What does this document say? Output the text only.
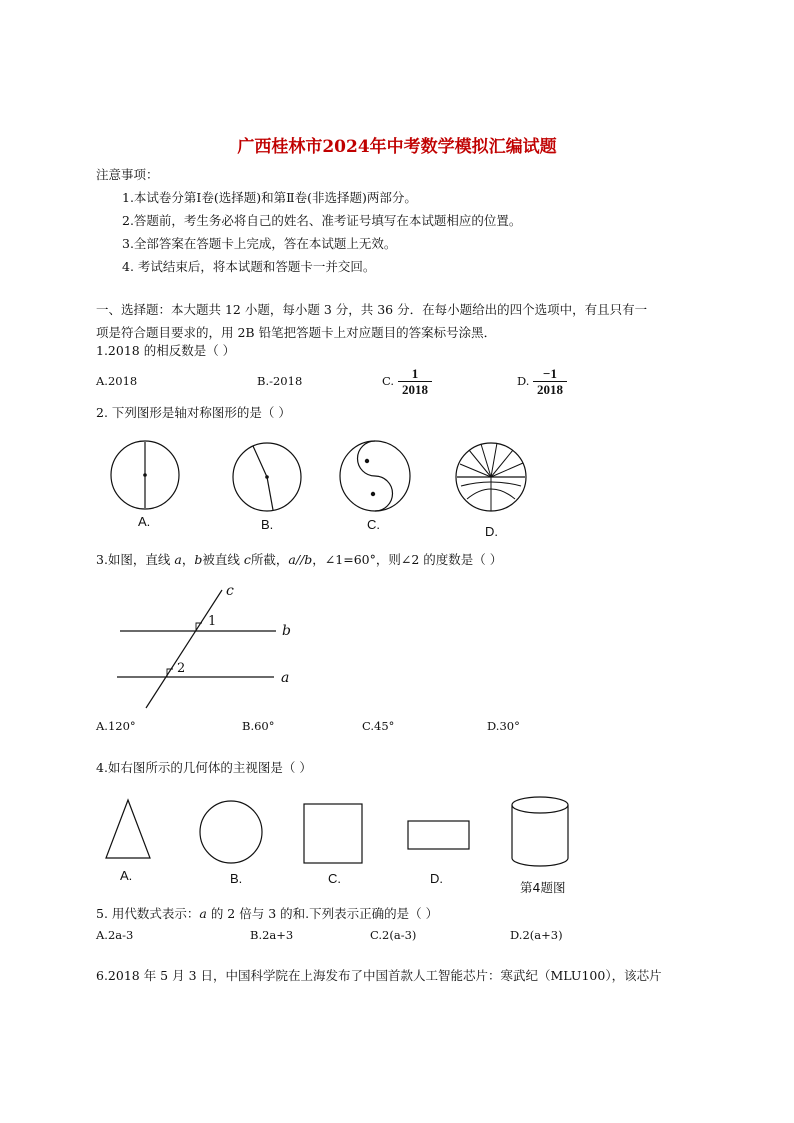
广西桂林市2024年中考数学模拟汇编试题
注意事项：
1.本试卷分第Ⅰ卷(选择题)和第Ⅱ卷(非选择题)两部分。
2.答题前，考生务必将自己的姓名、准考证号填写在本试题相应的位置。
3.全部答案在答题卡上完成，答在本试题上无效。
4. 考试结束后，将本试题和答题卡一并交回。
一、选择题：本大题共 12 小题，每小题 3 分，共 36 分．在每小题给出的四个选项中，有且只有一
项是符合题目要求的，用 2B 铅笔把答题卡上对应题目的答案标号涂黑．
1.2018 的相反数是（ ）
A.2018	B.-2018	C. $\frac{1}{2018}$	D. $\frac{-1}{2018}$
2. 下列图形是轴对称图形的是（ ）
A.	B.	C.	D.
3.如图，直线 a，b被直线 c所截，a//b，∠1=60°，则∠2 的度数是（ ）
c
1
b
2
a
A.120°	B.60°	C.45°	D.30°
4.如右图所示的几何体的主视图是（ ）
A.	B.	C.	D.
第4题图
5. 用代数式表示：a 的 2 倍与 3 的和.下列表示正确的是（ ）
A.2a-3	B.2a+3	C.2(a-3)	D.2(a+3)
6.2018 年 5 月 3 日，中国科学院在上海发布了中国首款人工智能芯片：寒武纪（MLU100），该芯片
